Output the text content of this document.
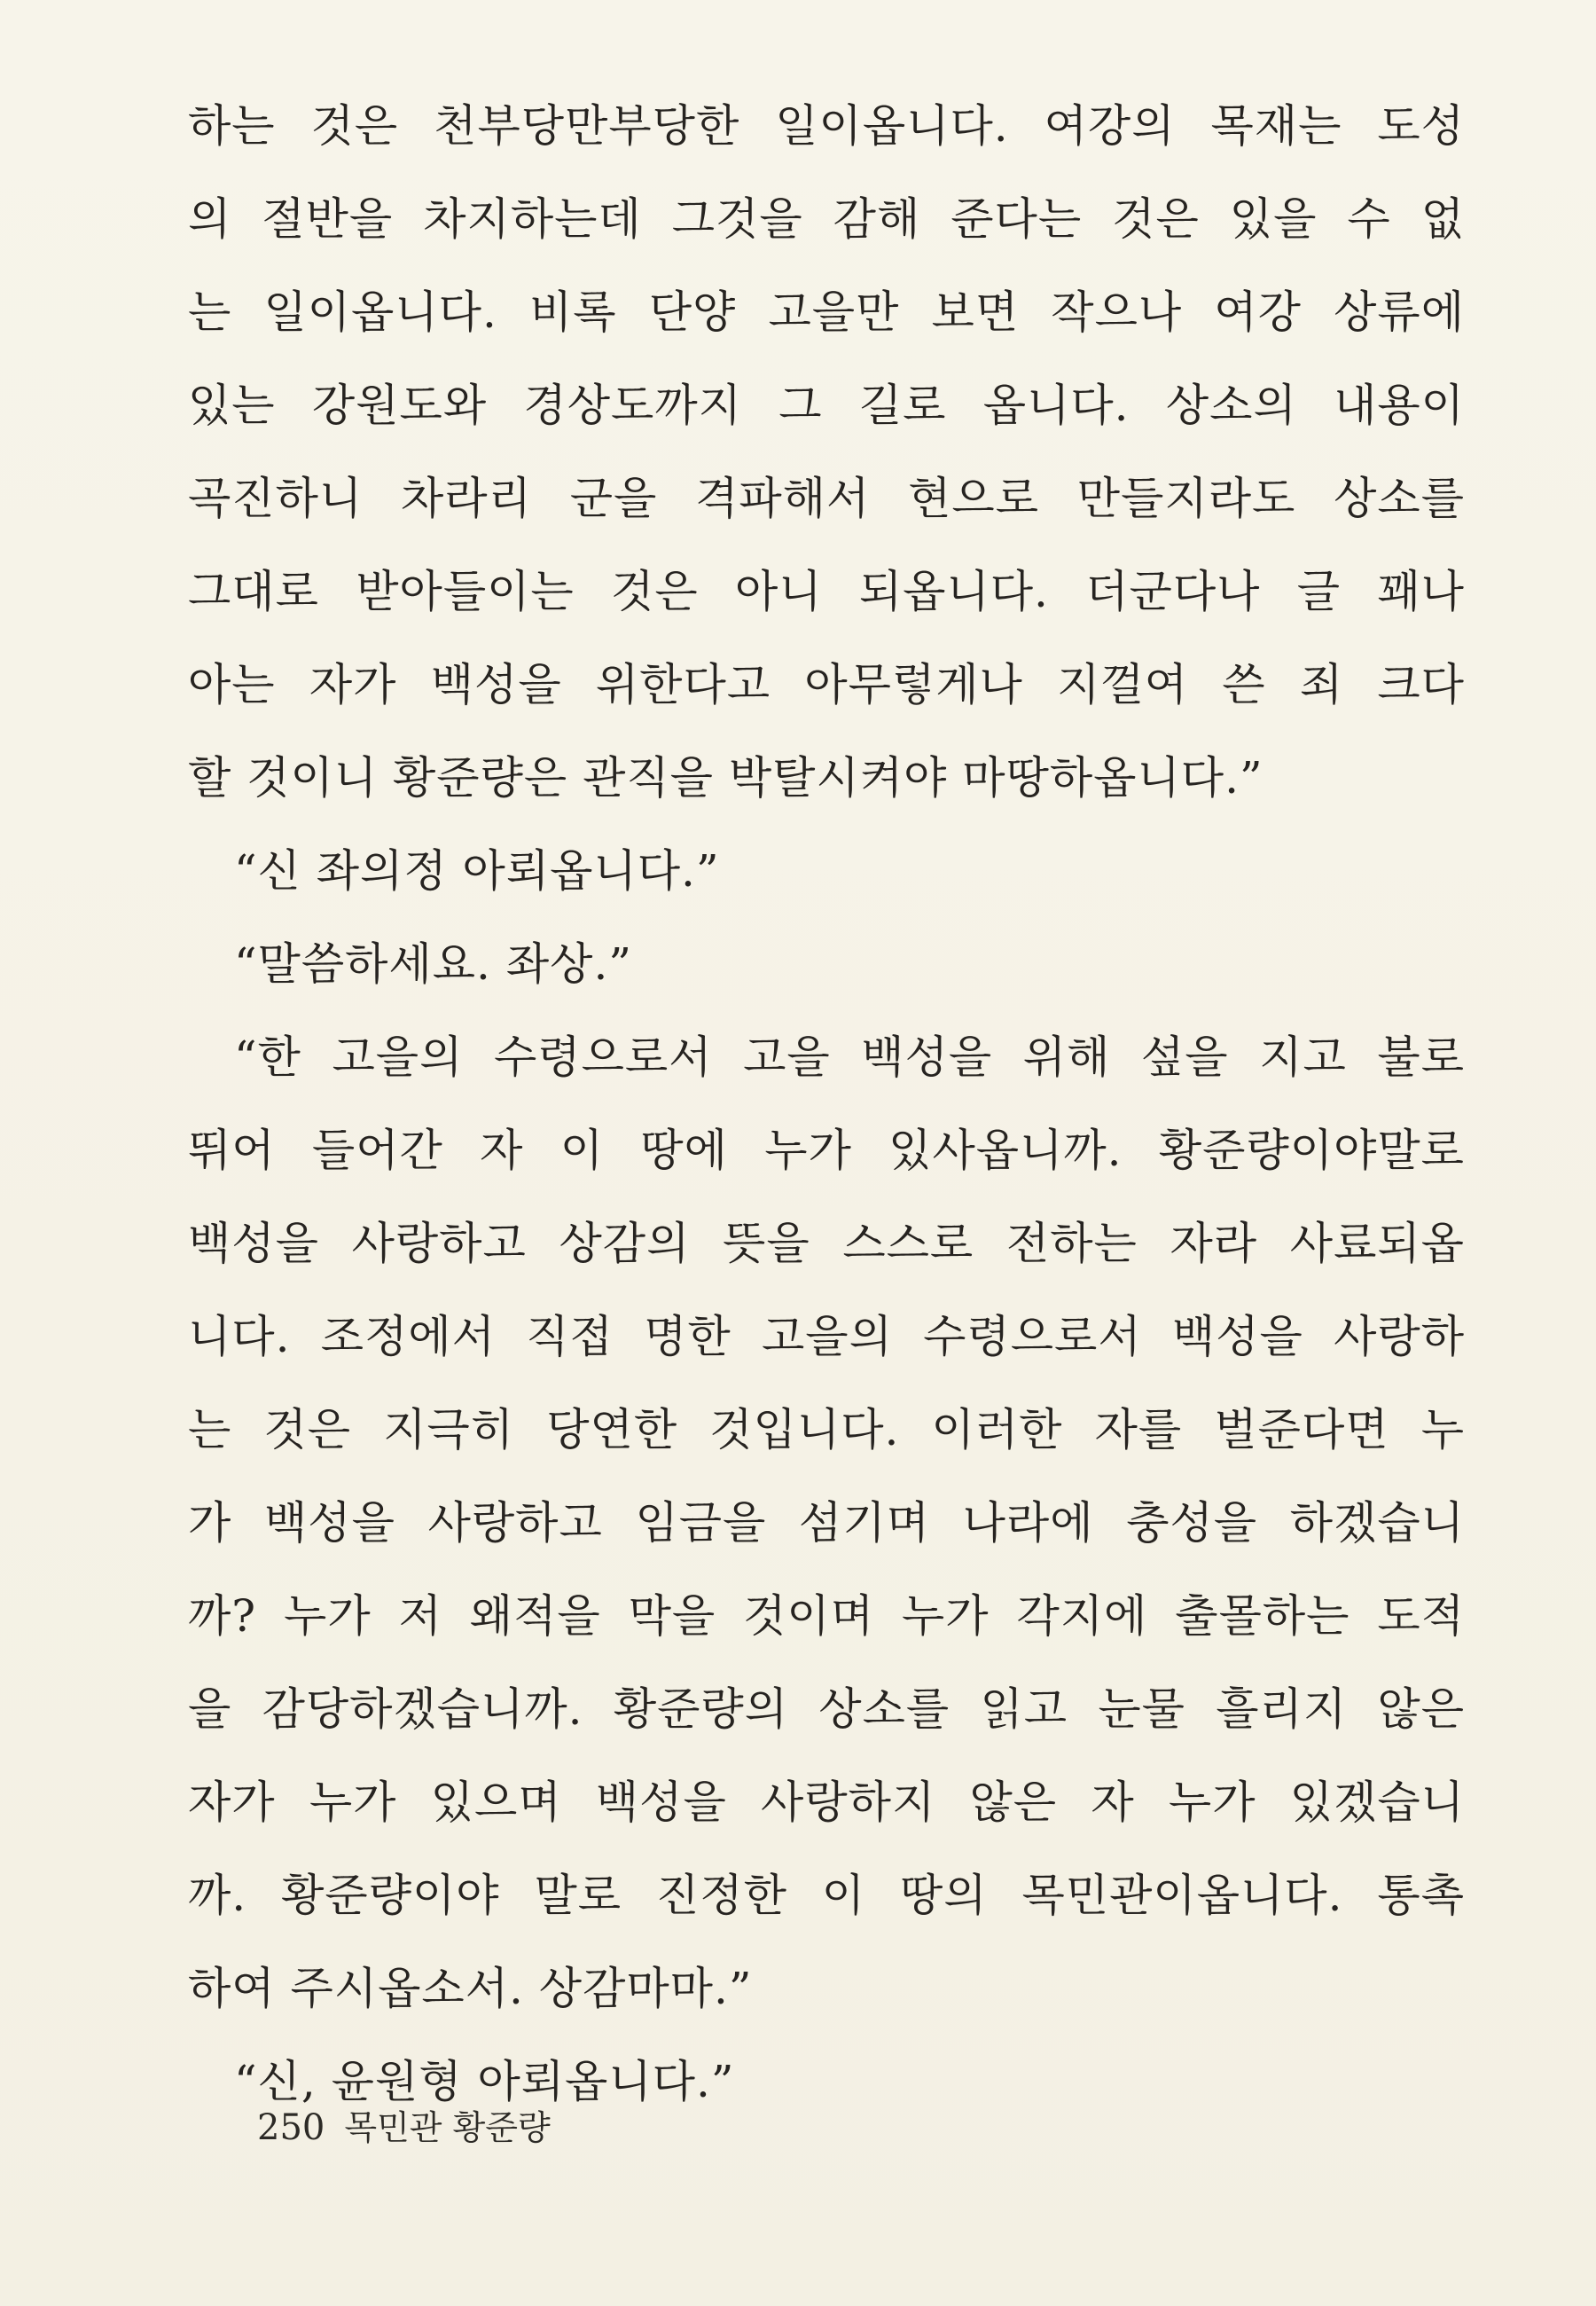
하는 것은 천부당만부당한 일이옵니다. 여강의 목재는 도성
의 절반을 차지하는데 그것을 감해 준다는 것은 있을 수 없
는 일이옵니다. 비록 단양 고을만 보면 작으나 여강 상류에
있는 강원도와 경상도까지 그 길로 옵니다. 상소의 내용이
곡진하니 차라리 군을 격파해서 현으로 만들지라도 상소를
그대로 받아들이는 것은 아니 되옵니다. 더군다나 글 꽤나
아는 자가 백성을 위한다고 아무렇게나 지껄여 쓴 죄 크다
할 것이니 황준량은 관직을 박탈시켜야 마땅하옵니다.”
“신 좌의정 아뢰옵니다.”
“말씀하세요. 좌상.”
“한 고을의 수령으로서 고을 백성을 위해 섶을 지고 불로
뛰어 들어간 자 이 땅에 누가 있사옵니까. 황준량이야말로
백성을 사랑하고 상감의 뜻을 스스로 전하는 자라 사료되옵
니다. 조정에서 직접 명한 고을의 수령으로서 백성을 사랑하
는 것은 지극히 당연한 것입니다. 이러한 자를 벌준다면 누
가 백성을 사랑하고 임금을 섬기며 나라에 충성을 하겠습니
까? 누가 저 왜적을 막을 것이며 누가 각지에 출몰하는 도적
을 감당하겠습니까. 황준량의 상소를 읽고 눈물 흘리지 않은
자가 누가 있으며 백성을 사랑하지 않은 자 누가 있겠습니
까. 황준량이야 말로 진정한 이 땅의 목민관이옵니다. 통촉
하여 주시옵소서. 상감마마.”
“신, 윤원형 아뢰옵니다.”
250 목민관 황준량
